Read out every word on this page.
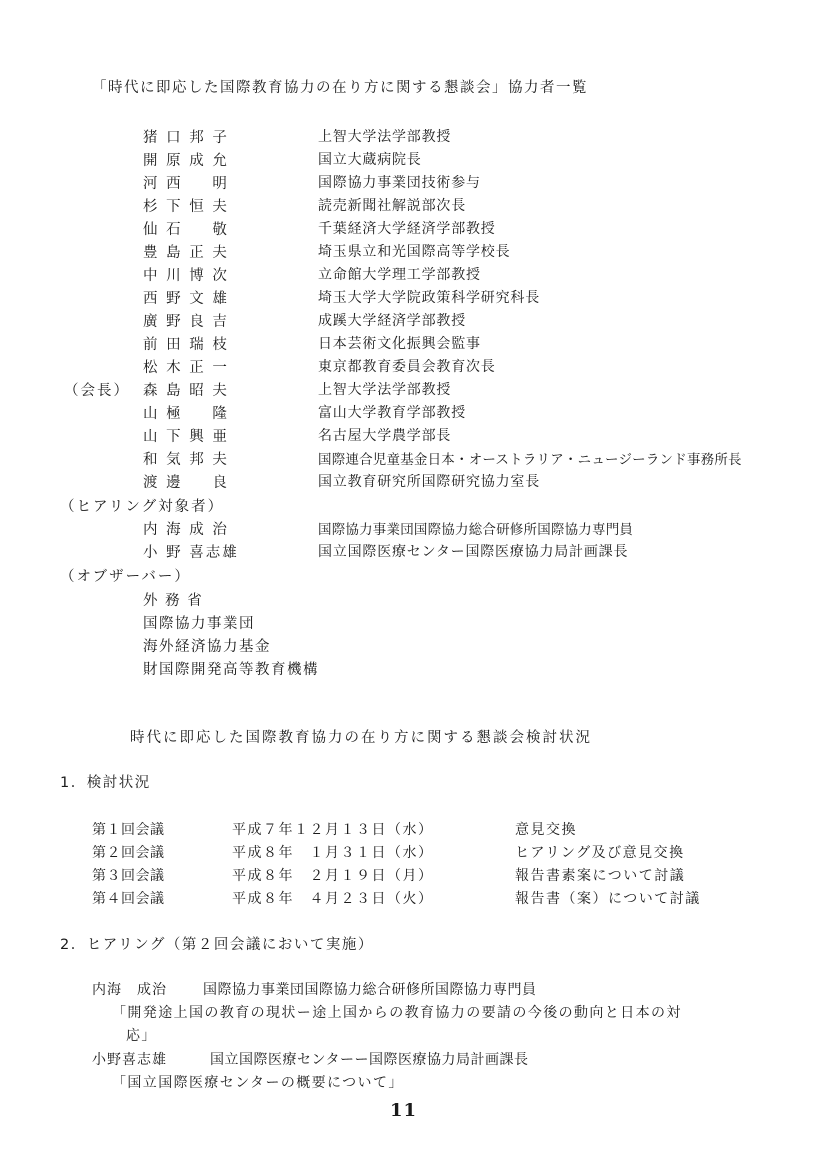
「時代に即応した国際教育協力の在り方に関する懇談会」協力者一覧
猪 口 邦 子	上智大学法学部教授
開 原 成 允	国立大蔵病院長
河 西 　 明	国際協力事業団技術参与
杉 下 恒 夫	読売新聞社解説部次長
仙 石 　 敬	千葉経済大学経済学部教授
豊 島 正 夫	埼玉県立和光国際高等学校長
中 川 博 次	立命館大学理工学部教授
西 野 文 雄	埼玉大学大学院政策科学研究科長
廣 野 良 吉	成蹊大学経済学部教授
前 田 瑞 枝	日本芸術文化振興会監事
松 木 正 一	東京都教育委員会教育次長
（会長） 森 島 昭 夫	上智大学法学部教授
山 極 　 隆	富山大学教育学部教授
山 下 興 亜	名古屋大学農学部長
和 気 邦 夫	国際連合児童基金日本・オーストラリア・ニュージーランド事務所長
渡 邊 　 良	国立教育研究所国際研究協力室長
（ヒアリング対象者）
内 海 成 治	国際協力事業団国際協力総合研修所国際協力専門員
小 野 喜志雄	国立国際医療センター国際医療協力局計画課長
（オブザーバー）
外 務 省
国際協力事業団
海外経済協力基金
財国際開発高等教育機構
時代に即応した国際教育協力の在り方に関する懇談会検討状況
1．検討状況
第１回会議	平成７年１２月１３日（水）	意見交換
第２回会議	平成８年　１月３１日（水）	ヒアリング及び意見交換
第３回会議	平成８年　２月１９日（月）	報告書素案について討議
第４回会議	平成８年　４月２３日（火）	報告書（案）について討議
2．ヒアリング（第２回会議において実施）
内海　成治	国際協力事業団国際協力総合研修所国際協力専門員
「開発途上国の教育の現状ー途上国からの教育協力の要請の今後の動向と日本の対
応」
小野喜志雄	国立国際医療センターー国際医療協力局計画課長
「国立国際医療センターの概要について」
11
